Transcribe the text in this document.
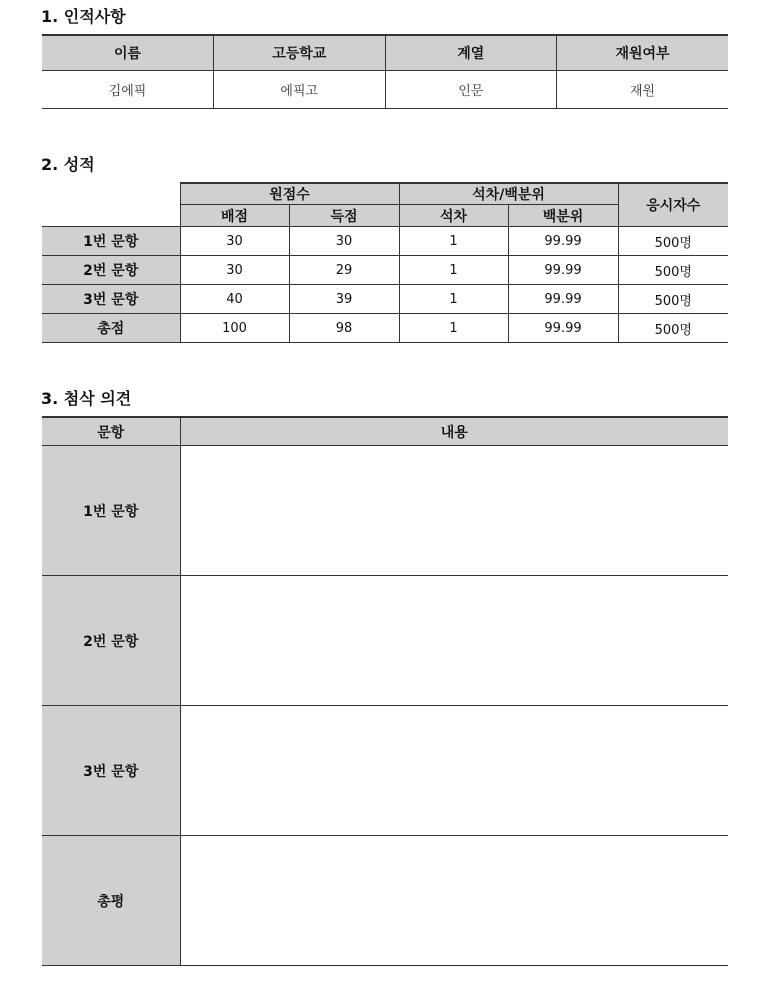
1. 인적사항
이름	고등학교	계열	재원여부
김에픽	에픽고	인문	재원
2. 성적
	원점수		석차/백분위		응시자수
	배점	득점	석차	백분위	
1번 문항	30	30	1	99.99	500명
2번 문항	30	29	1	99.99	500명
3번 문항	40	39	1	99.99	500명
총점	100	98	1	99.99	500명
3. 첨삭 의견
문항	내용
1번 문항	
2번 문항	
3번 문항	
총평	
